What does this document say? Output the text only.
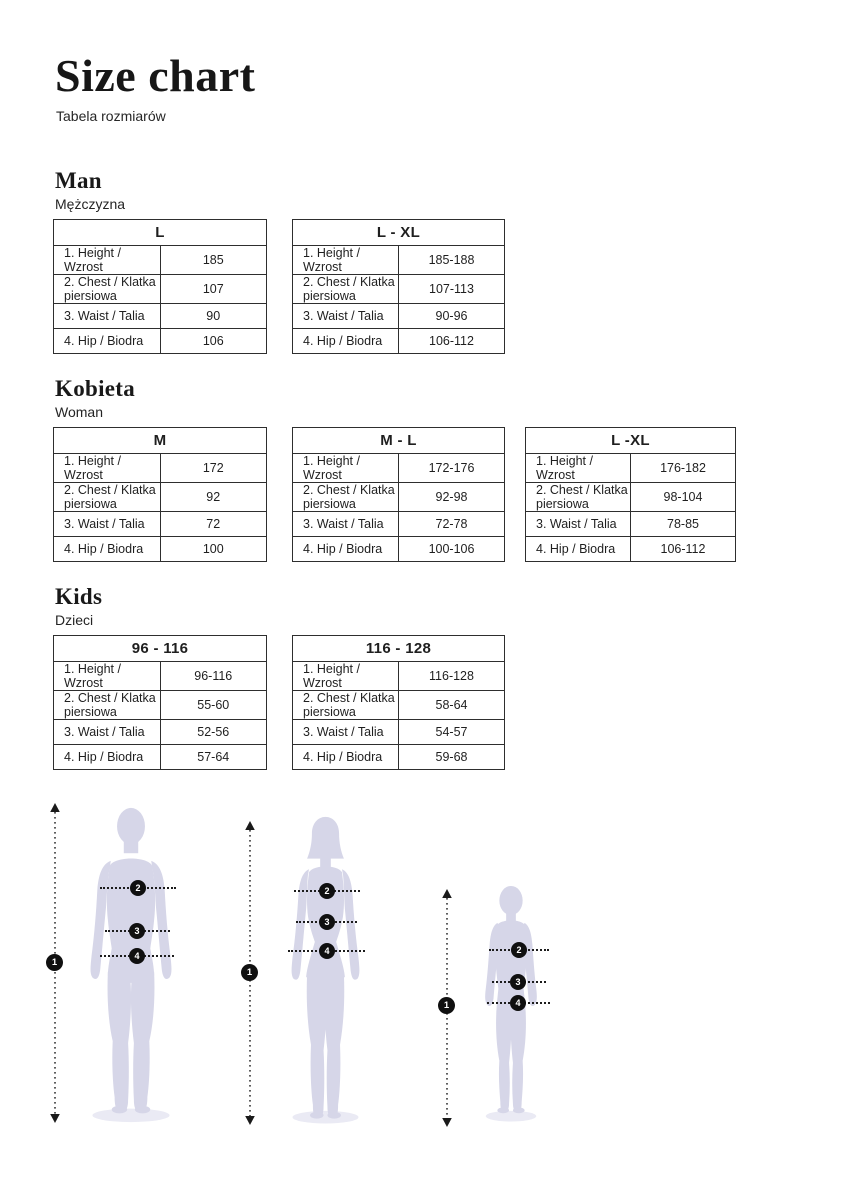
Size chart
Tabela rozmiarów
Man
Mężczyzna
L	
1. Height / Wzrost	185
2. Chest / Klatka piersiowa	107
3. Waist / Talia	90
4. Hip / Biodra	106
L - XL	
1. Height / Wzrost	185-188
2. Chest / Klatka piersiowa	107-113
3. Waist / Talia	90-96
4. Hip / Biodra	106-112
Kobieta
Woman
M	
1. Height / Wzrost	172
2. Chest / Klatka piersiowa	92
3. Waist / Talia	72
4. Hip / Biodra	100
M - L	
1. Height / Wzrost	172-176
2. Chest / Klatka piersiowa	92-98
3. Waist / Talia	72-78
4. Hip / Biodra	100-106
L -XL	
1. Height / Wzrost	176-182
2. Chest / Klatka piersiowa	98-104
3. Waist / Talia	78-85
4. Hip / Biodra	106-112
Kids
Dzieci
96 - 116	
1. Height / Wzrost	96-116
2. Chest / Klatka piersiowa	55-60
3. Waist / Talia	52-56
4. Hip / Biodra	57-64
116 - 128	
1. Height / Wzrost	116-128
2. Chest / Klatka piersiowa	58-64
3. Waist / Talia	54-57
4. Hip / Biodra	59-68
1
2
3
4
1
2
3
4
1
2
3
4
